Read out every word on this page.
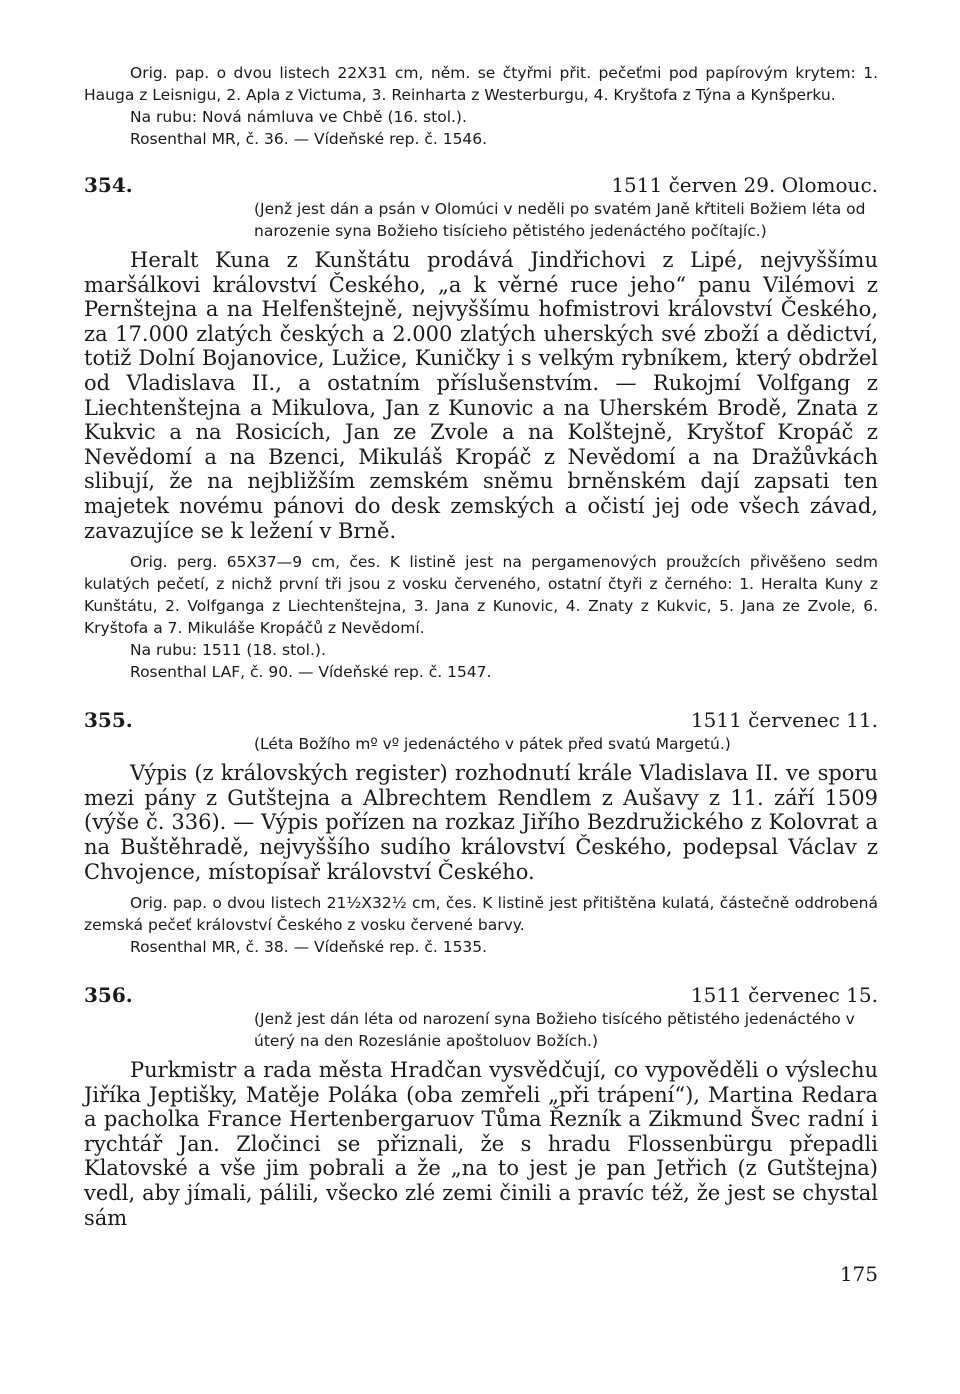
Orig. pap. o dvou listech 22X31 cm, něm. se čtyřmi přit. pečeťmi pod papírovým krytem: 1. Hauga z Leisnigu, 2. Apla z Victuma, 3. Reinharta z Westerburgu, 4. Kryštofa z Týna a Kynšperku.

Na rubu: Nová námluva ve Chbě (16. stol.).

Rosenthal MR, č. 36. — Vídeňské rep. č. 1546.

354.	1511 červen 29. Olomouc.
(Jenž jest dán a psán v Olomúci v neděli po svatém Janě křtiteli Božiem léta od narozenie syna Božieho tisícieho pětistého jedenáctého počítajíc.)

Heralt Kuna z Kunštátu prodává Jindřichovi z Lipé, nejvyššímu maršálkovi království Českého, „a k věrné ruce jeho“ panu Vilémovi z Pernštejna a na Helfenštejně, nejvyššímu hofmistrovi království Českého, za 17.000 zlatých českých a 2.000 zlatých uherských své zboží a dědictví, totiž Dolní Bojanovice, Lužice, Kuničky i s velkým rybníkem, který obdržel od Vladislava II., a ostatním příslušenstvím. — Rukojmí Volfgang z Liechtenštejna a Mikulova, Jan z Kunovic a na Uherském Brodě, Znata z Kukvic a na Rosicích, Jan ze Zvole a na Kolštejně, Kryštof Kropáč z Nevědomí a na Bzenci, Mikuláš Kropáč z Nevědomí a na Dražůvkách slibují, že na nejbližším zemském sněmu brněnském dají zapsati ten majetek novému pánovi do desk zemských a očistí jej ode všech závad, zavazujíce se k ležení v Brně.

Orig. perg. 65X37—9 cm, čes. K listině jest na pergamenových proužcích přivěšeno sedm kulatých pečetí, z nichž první tři jsou z vosku červeného, ostatní čtyři z černého: 1. Heralta Kuny z Kunštátu, 2. Volfganga z Liechtenštejna, 3. Jana z Kunovic, 4. Znaty z Kukvic, 5. Jana ze Zvole, 6. Kryštofa a 7. Mikuláše Kropáčů z Nevědomí.

Na rubu: 1511 (18. stol.).

Rosenthal LAF, č. 90. — Vídeňské rep. č. 1547.

355.	1511 červenec 11.
(Léta Božího mº vº jedenáctého v pátek před svatú Margetú.)

Výpis (z královských register) rozhodnutí krále Vladislava II. ve sporu mezi pány z Gutštejna a Albrechtem Rendlem z Aušavy z 11. září 1509 (výše č. 336). — Výpis pořízen na rozkaz Jiřího Bezdružického z Kolovrat a na Buštěhradě, nejvyššího sudího království Českého, podepsal Václav z Chvojence, místopísař království Českého.

Orig. pap. o dvou listech 21½X32½ cm, čes. K listině jest přitištěna kulatá, částečně oddrobená zemská pečeť království Českého z vosku červené barvy.

Rosenthal MR, č. 38. — Vídeňské rep. č. 1535.

356.	1511 červenec 15.
(Jenž jest dán léta od narození syna Božieho tisícého pětistého jedenáctého v úterý na den Rozeslánie apoštoluov Božích.)

Purkmistr a rada města Hradčan vysvědčují, co vypověděli o výslechu Jiříka Jeptišky, Matěje Poláka (oba zemřeli „při trápení“), Martina Redara a pacholka France Hertenbergaruov Tůma Řezník a Zikmund Švec radní i rychtář Jan. Zločinci se přiznali, že s hradu Flossenbürgu přepadli Klatovské a vše jim pobrali a že „na to jest je pan Jetřich (z Gutštejna) vedl, aby jímali, pálili, všecko zlé zemi činili a pravíc též, že jest se chystal sám

175
